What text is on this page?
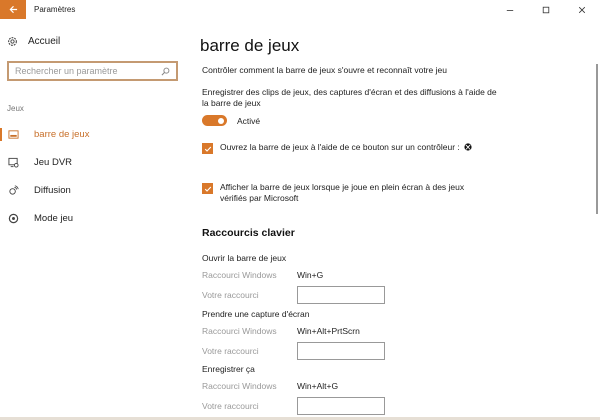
Paramètres
Accueil
Rechercher un paramètre
Jeux
barre de jeux
Jeu DVR
Diffusion
Mode jeu
barre de jeux

Contrôler comment la barre de jeux s'ouvre et reconnaît votre jeu

Enregistrer des clips de jeux, des captures d'écran et des diffusions à l'aide de la barre de jeux

Activé
Ouvrez la barre de jeux à l'aide de ce bouton sur un contrôleur :
Afficher la barre de jeux lorsque je joue en plein écran à des jeux vérifiés par Microsoft
Raccourcis clavier
Ouvrir la barre de jeux
Raccourci Windows	Win+G
Votre raccourci
Prendre une capture d'écran
Raccourci Windows	Win+Alt+PrtScrn
Votre raccourci
Enregistrer ça
Raccourci Windows	Win+Alt+G
Votre raccourci
